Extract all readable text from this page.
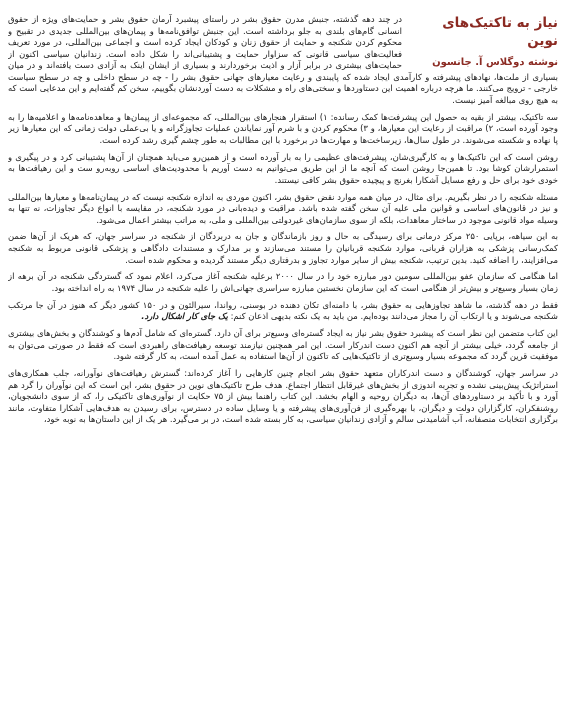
نیاز به تاکتیک‌های نوین
نوشته دوگلاس آ. جانسون

در چند دهه گذشته، جنبش مدرن حقوق بشر در راستای پیشبرد آرمان حقوق بشر و حمایت‌های ویژه از حقوق انسانی گام‌های بلندی به جلو برداشته است. این جنبش توافق‌نامه‌ها و پیمان‌های بین‌المللی جدیدی در تقبیح و محکوم کردن شکنجه و حمایت از حقوق زنان و کودکان ایجاد کرده است و اجماعی بین‌المللی، در مورد تعریف فعالیت‌های سیاسی قانونی که سزاوار حمایت و پشتیبانی‌اند را شکل داده است. زندانیان سیاسی اکنون از حمایت‌های بیشتری در برابر آزار و اذیت برخوردارند و بسیاری از ایشان اینک به آزادی دست یافته‌اند و در میان بسیاری از ملت‌ها، نهادهای پیشرفته و کارآمدی ایجاد شده که پایبندی و رعایت معیارهای جهانی حقوق بشر را - چه در سطح داخلی و چه در سطح سیاست خارجی - ترویج می‌کنند. ما هرچه درباره اهمیت این دستاوردها و سختی‌های راه و مشکلات به دست آوردنشان بگوییم، سخن کم گفته‌ایم و این مدعایی است که به هیچ روی مبالغه آمیز نیست.

سه تاکتیک، بیشتر از بقیه به حصول این پیشرفت‌ها کمک رسانده: ۱) استقرار هنجارهای بین‌المللی، که مجموعه‌ای از پیمان‌ها و معاهده‌نامه‌ها و اعلامیه‌ها را به وجود آورده است، ۲) مراقبت از رعایت این معیارها، و ۳) محکوم کردن و با شرم آور نمایاندن عملیات تجاوزگرانه و یا بی‌عملی دولت زمانی که این معیارها زیر پا نهاده و شکسته می‌شوند. در طول سال‌ها، زیرساخت‌ها و مهارت‌ها در برخورد با این مطالبات به طور چشم گیری رشد کرده است.

روشن است که این تاکتیک‌ها و به کارگیری‌شان، پیشرفت‌های عظیمی را به بار آورده است و از همین‌رو می‌باید همچنان از آن‌ها پشتیبانی کرد و در پیگیری و استمرارشان کوشا بود. تا همین‌جا روشن است که آنچه ما از این طریق می‌توانیم به دست آوریم با محدودیت‌های اساسی روبه‌رو ست و این رهیافت‌ها به خودی خود برای حل و رفع مسایل آشکارا بغرنج و پیچیده حقوق بشر کافی نیستند.

مسئله شکنجه را در نظر بگیریم. برای مثال، در میان همه موارد نقض حقوق بشر، اکنون موردی به اندازه شکنجه نیست که در پیمان‌نامه‌ها و معیارها بین‌المللی و نیز در قانون‌های اساسی و قوانین ملی علیه آن سخن گفته شده باشد. مراقبت و دیده‌بانی در مورد شکنجه، در مقایسه با انواع دیگر تجاوزات، نه تنها به وسیله مواد قانونی موجود در ساختار معاهدات، بلکه از سوی سازمان‌های غیردولتی بین‌المللی و ملی، به مراتب بیشتر اعمال می‌شود.

به این سیاهه، برپایی ۲۵۰ مرکز درمانی برای رسیدگی به حال و روز بازماندگان و جان به دربردگان از شکنجه در سراسر جهان، که هریک از آن‌ها ضمن کمک‌رسانی پزشکی به هزاران قربانی، موارد شکنجه قربانیان را مستند می‌سازند و بر مدارک و مستندات دادگاهی و پزشکی قانونی مربوط به شکنجه می‌افزایند، را اضافه کنید. بدین ترتیب، شکنجه بیش از سایر موارد تجاوز و بدرفتاری دیگر مستند گردیده و محکوم شده است.

اما هنگامی که سازمان عفو بین‌المللی سومین دور مبارزه خود را در سال ۲۰۰۰ برعلیه شکنجه آغاز می‌کرد، اعلام نمود که گستردگی شکنجه در آن برهه از زمان بسیار وسیع‌تر و بیش‌تر از هنگامی است که این سازمان نخستین مبارزه سراسری جهانی‌اش را علیه شکنجه در سال ۱۹۷۴ به راه انداخته بود.

فقط در دهه گذشته، ما شاهد تجاوزهایی به حقوق بشر، با دامنه‌ای تکان دهنده در بوسنی، رواندا، سیرالئون و در ۱۵۰ کشور دیگر که هنوز در آن جا مرتکب شکنجه می‌شوند و یا ارتکاب آن را مجاز می‌دانند بوده‌ایم. من باید به یک نکته بدیهی اذعان کنم: یک جای کار اشکال دارد.

این کتاب متضمن این نظر است که پیشبرد حقوق بشر نیاز به ایجاد گستره‌ای وسیع‌تر برای آن دارد. گستره‌ای که شامل آدم‌ها و کوشندگان و بخش‌های بیشتری از جامعه گردد، خیلی بیشتر از آنچه هم اکنون دست اندرکار است. این امر همچنین نیازمند توسعه رهیافت‌های راهبردی است که فقط در صورتی می‌توان به موفقیت قرین گردد که مجموعه بسیار وسیع‌تری از تاکتیک‌هایی که تاکنون از آن‌ها استفاده به عمل آمده است، به کار گرفته شود.

در سراسر جهان، کوشندگان و دست اندرکاران متعهد حقوق بشر انجام چنین کارهایی را آغاز کرده‌اند: گسترش رهیافت‌های نوآورانه، جلب همکاری‌های استراتژیک پیش‌بینی نشده و تجربه اندوزی از بخش‌های غیرقابل انتظار اجتماع. هدف طرح تاکتیک‌های نوین در حقوق بشر، این است که این نوآوران را گرد هم آورد و با تأکید بر دستاوردهای آن‌ها، به دیگران روحیه و الهام بخشد. این کتاب راهنما بیش از ۷۵ حکایت از نوآوری‌های تاکتیکی را، که از سوی دانشجویان، روشنفکران، کارگزاران دولت و دیگران، با بهره‌گیری از فن‌آوری‌های پیشرفته و یا وسایل ساده در دسترس، برای رسیدن به هدف‌هایی آشکارا متفاوت، مانند برگزاری انتخابات منصفانه، آب آشامیدنی سالم و آزادی زندانیان سیاسی، به کار بسته شده است، در بر می‌گیرد. هر یک از این داستان‌ها به نوبه خود،
